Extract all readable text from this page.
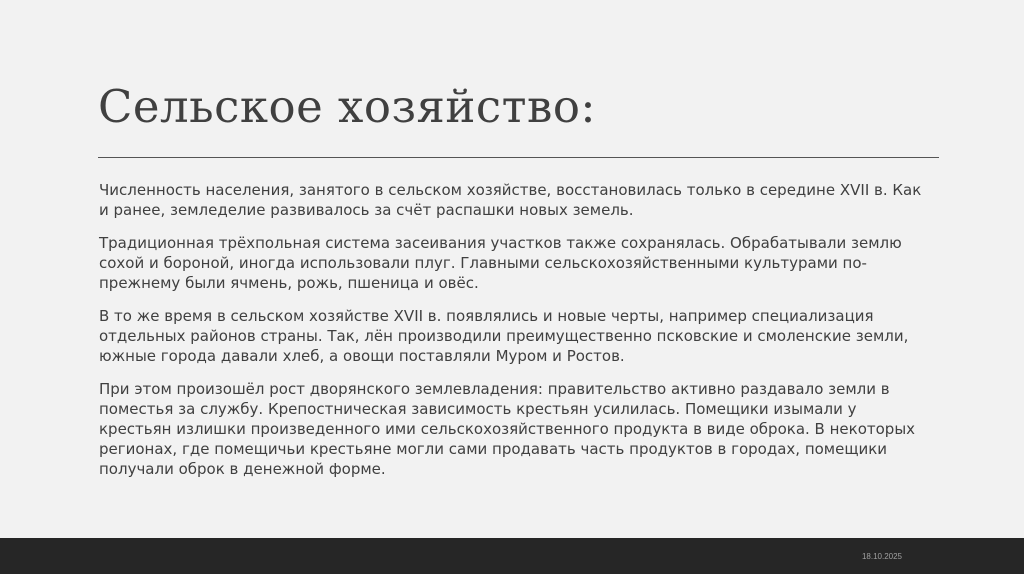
Сельское хозяйство:

Численность населения, занятого в сельском хозяйстве, восстановилась только в середине XVII в. Как и ранее, земледелие развивалось за счёт распашки новых земель.

Традиционная трёхпольная система засеивания участков также сохранялась. Обрабатывали землю сохой и бороной, иногда использовали плуг. Главными сельскохозяйственными культурами по-прежнему были ячмень, рожь, пшеница и овёс.

В то же время в сельском хозяйстве XVII в. появлялись и новые черты, например специализация отдельных районов страны. Так, лён производили преимущественно псковские и смоленские земли, южные города давали хлеб, а овощи поставляли Муром и Ростов.

При этом произошёл рост дворянского землевладения: правительство активно раздавало земли в поместья за службу. Крепостническая зависимость крестьян усилилась. Помещики изымали у крестьян излишки произведенного ими сельскохозяйственного продукта в виде оброка. В некоторых регионах, где помещичьи крестьяне могли сами продавать часть продуктов в городах, помещики получали оброк в денежной форме.

18.10.2025
